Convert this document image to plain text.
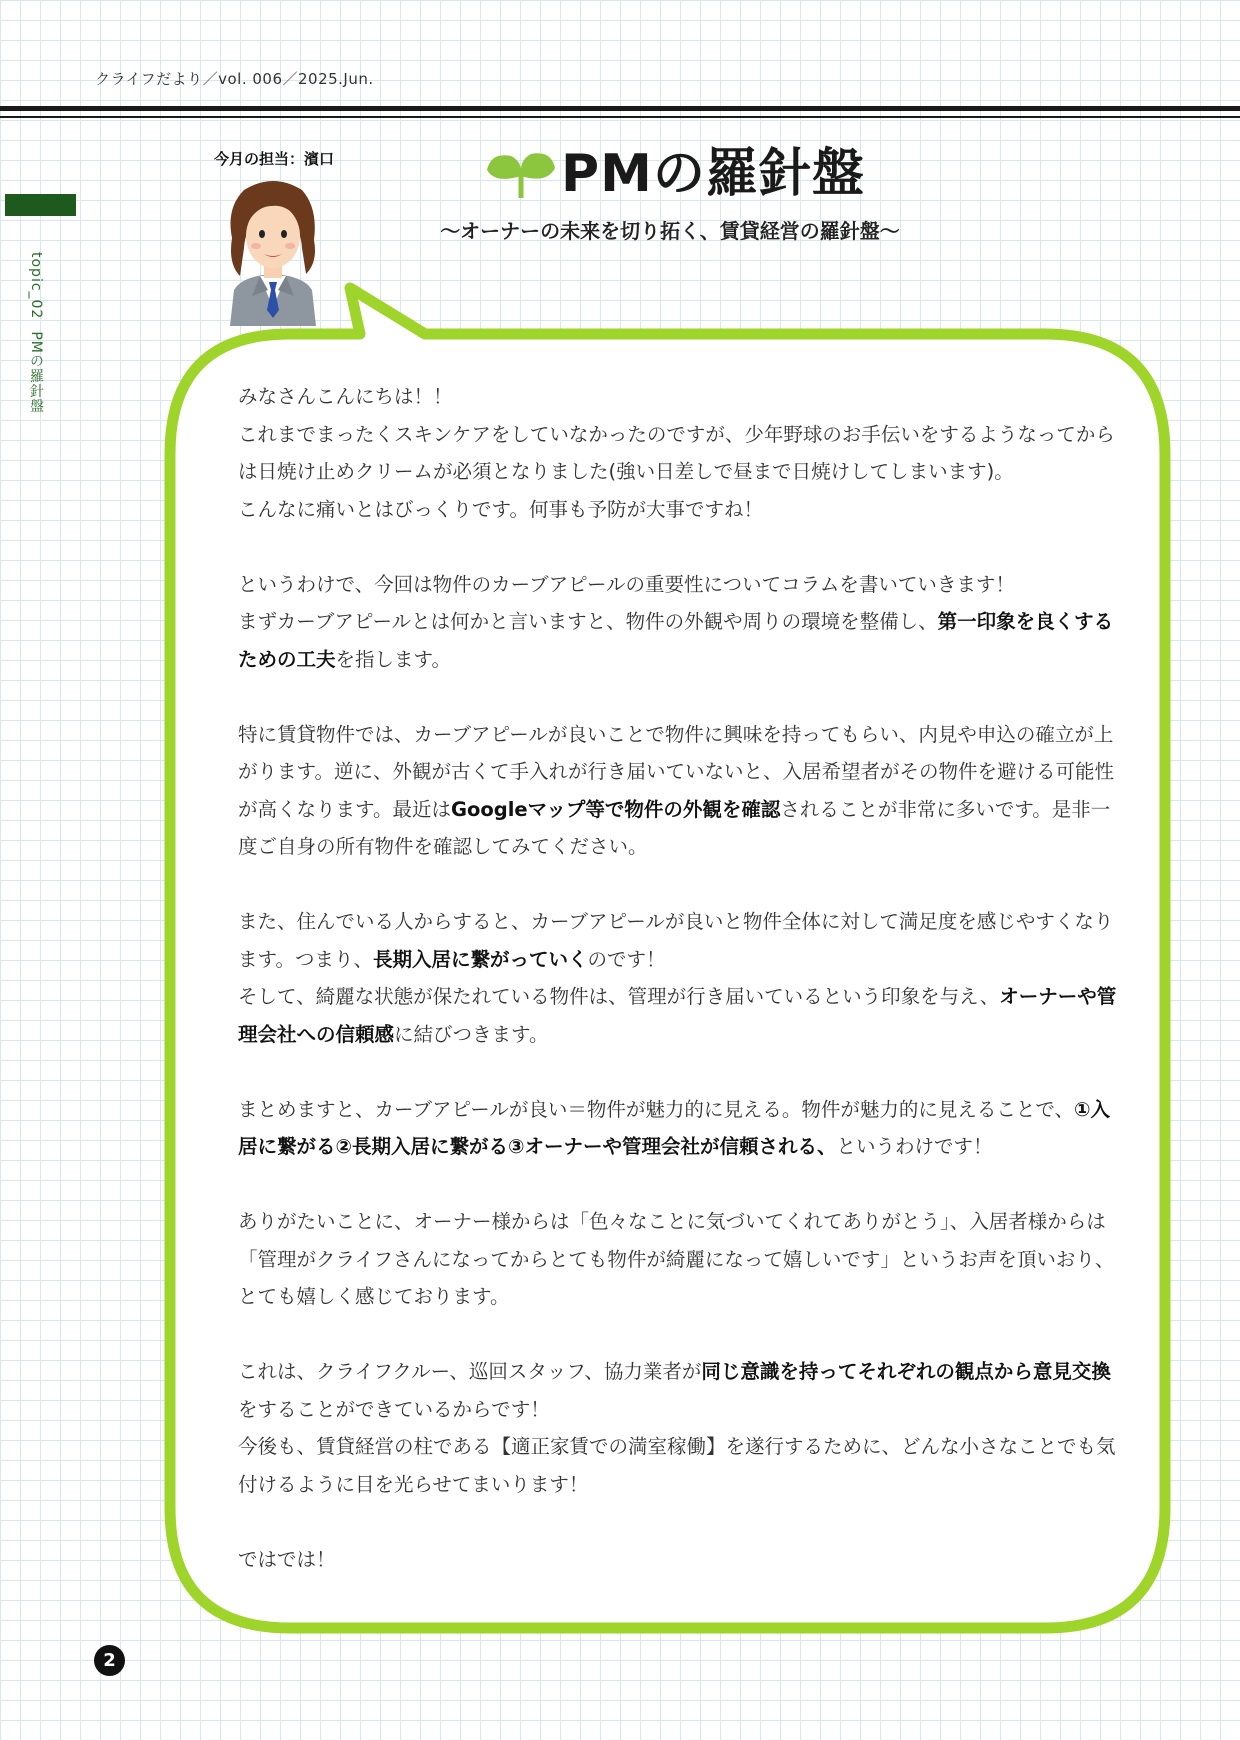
クライフだより／vol. 006／2025.Jun.
topic_02PMの羅針盤
今月の担当：濱口	PMの羅針盤
～オーナーの未来を切り拓く、賃貸経営の羅針盤～

みなさんこんにちは！！

これまでまったくスキンケアをしていなかったのですが、少年野球のお手伝いをするようなってからは日焼け止めクリームが必須となりました(強い日差しで昼まで日焼けしてしまいます)。

こんなに痛いとはびっくりです。何事も予防が大事ですね！

というわけで、今回は物件のカーブアピールの重要性についてコラムを書いていきます！

まずカーブアピールとは何かと言いますと、物件の外観や周りの環境を整備し、第一印象を良くするための工夫を指します。

特に賃貸物件では、カーブアピールが良いことで物件に興味を持ってもらい、内見や申込の確立が上がります。逆に、外観が古くて手入れが行き届いていないと、入居希望者がその物件を避ける可能性が高くなります。最近はGoogleマップ等で物件の外観を確認されることが非常に多いです。是非一度ご自身の所有物件を確認してみてください。

また、住んでいる人からすると、カーブアピールが良いと物件全体に対して満足度を感じやすくなります。つまり、長期入居に繋がっていくのです！

そして、綺麗な状態が保たれている物件は、管理が行き届いているという印象を与え、オーナーや管理会社への信頼感に結びつきます。

まとめますと、カーブアピールが良い＝物件が魅力的に見える。物件が魅力的に見えることで、①入居に繋がる②長期入居に繋がる③オーナーや管理会社が信頼される、というわけです！

ありがたいことに、オーナー様からは「色々なことに気づいてくれてありがとう」、入居者様からは「管理がクライフさんになってからとても物件が綺麗になって嬉しいです」というお声を頂いおり、とても嬉しく感じております。

これは、クライフクルー、巡回スタッフ、協力業者が同じ意識を持ってそれぞれの観点から意見交換をすることができているからです！

今後も、賃貸経営の柱である【適正家賃での満室稼働】を遂行するために、どんな小さなことでも気付けるように目を光らせてまいります！

ではでは！

2
